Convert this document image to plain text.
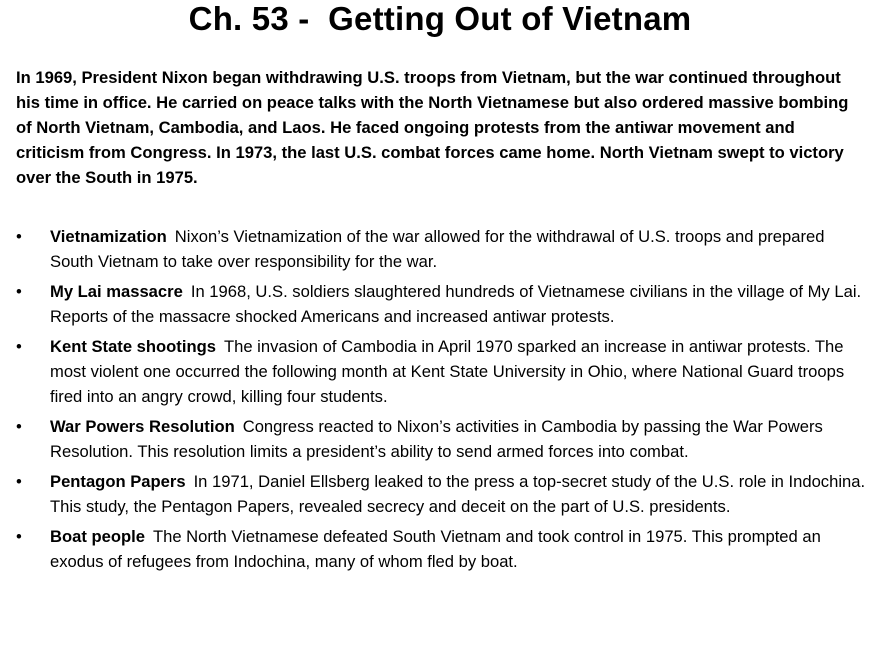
Ch. 53 -  Getting Out of Vietnam
In 1969, President Nixon began withdrawing U.S. troops from Vietnam, but the war continued throughout his time in office. He carried on peace talks with the North Vietnamese but also ordered massive bombing of North Vietnam, Cambodia, and Laos. He faced ongoing protests from the antiwar movement and criticism from Congress. In 1973, the last U.S. combat forces came home. North Vietnam swept to victory over the South in 1975.
•	Vietnamization Nixon’s Vietnamization of the war allowed for the withdrawal of U.S. troops and prepared South Vietnam to take over responsibility for the war.
•	My Lai massacre In 1968, U.S. soldiers slaughtered hundreds of Vietnamese civilians in the village of My Lai. Reports of the massacre shocked Americans and increased antiwar protests.
•	Kent State shootings The invasion of Cambodia in April 1970 sparked an increase in antiwar protests. The most violent one occurred the following month at Kent State University in Ohio, where National Guard troops fired into an angry crowd, killing four students.
•	War Powers Resolution Congress reacted to Nixon’s activities in Cambodia by passing the War Powers Resolution. This resolution limits a president’s ability to send armed forces into combat.
•	Pentagon Papers In 1971, Daniel Ellsberg leaked to the press a top-secret study of the U.S. role in Indochina. This study, the Pentagon Papers, revealed secrecy and deceit on the part of U.S. presidents.
•	Boat people The North Vietnamese defeated South Vietnam and took control in 1975. This prompted an exodus of refugees from Indochina, many of whom fled by boat.
